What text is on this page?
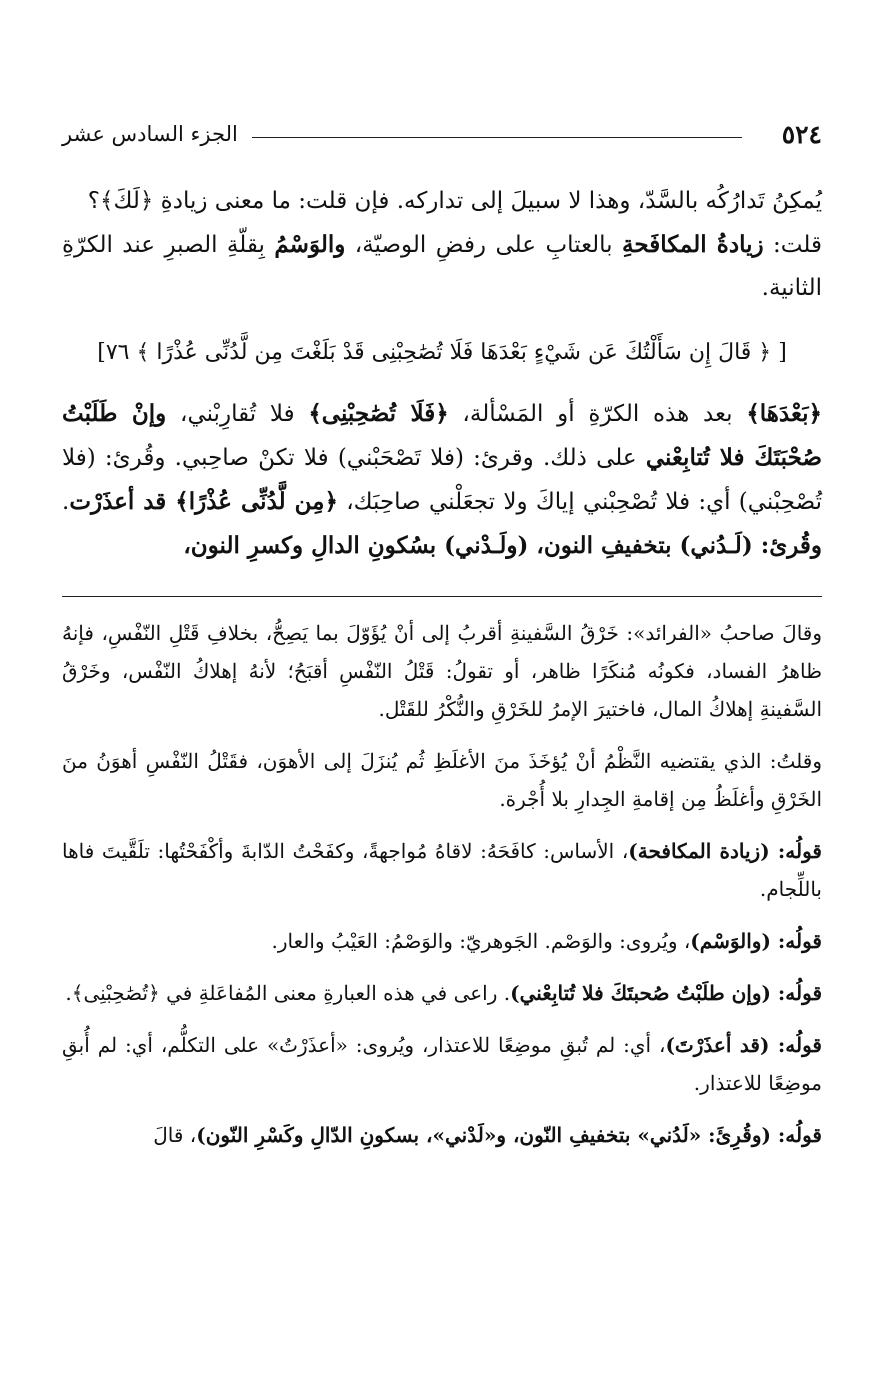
٥٢٤
الجزء السادس عشر

يُمكِنُ تَدارُكُه بالسَّدّ، وهذا لا سبيلَ إلى تداركه. فإن قلت: ما معنى زيادةِ ﴿لَكَ﴾؟

قلت: زيادةُ المكافَحةِ بالعتابِ على رفضِ الوصيّة، والوَسْمُ بِقلّةِ الصبرِ عند الكرّةِ الثانية.

[ ﴿ قَالَ إِن سَأَلْتُكَ عَن شَيْءٍ بَعْدَهَا فَلَا تُصَٰحِبْنِى قَدْ بَلَغْتَ مِن لَّدُنِّى عُذْرًا ﴾ ٧٦]

﴿بَعْدَهَا﴾ بعد هذه الكرّةِ أو المَسْألة، ﴿فَلَا تُصَٰحِبْنِى﴾ فلا تُقارِبْني، وإنْ طَلَبْتُ صُحْبَتَكَ فلا تُتابِعْني على ذلك. وقرئ: (فلا تَصْحَبْني) فلا تكنْ صاحِبي. وقُرئ: (فلا تُصْحِبْني) أي: فلا تُصْحِبْني إياكَ ولا تجعَلْني صاحِبَك، ﴿مِن لَّدُنِّى عُذْرًا﴾ قد أعذَرْت. وقُرئ: (لَـدُني) بتخفيفِ النون، (ولَـدْني) بسُكونِ الدالِ وكسرِ النون،

وقالَ صاحبُ «الفرائد»: خَرْقُ السَّفينةِ أقربُ إلى أنْ يُؤَوّلَ بما يَصِحُّ، بخلافِ قَتْلِ النّفْسِ، فإنهُ ظاهرُ الفساد، فكونُه مُنكَرًا ظاهر، أو تقولُ: قَتْلُ النّفْسِ أقبَحُ؛ لأنهُ إهلاكُ النّفْس، وخَرْقُ السَّفينةِ إهلاكُ المال، فاختيرَ الإمرُ للخَرْقِ والنُّكْرُ للقَتْل.

وقلتُ: الذي يقتضيه النَّظْمُ أنْ يُؤخَذَ منَ الأغلَظِ ثُم يُنزَلَ إلى الأهوَن، فقَتْلُ النّفْسِ أهوَنُ منَ الخَرْقِ وأغلَظُ مِن إقامةِ الجِدارِ بلا أُجْرة.

قولُه: (زيادة المكافحة)، الأساس: كافَحَهُ: لاقاهُ مُواجهةً، وكفَحْتُ الدّابةَ وأكْفَحْتُها: تلَقَّيتَ فاها باللِّجام.

قولُه: (والوَسْم)، ويُروى: والوَصْم. الجَوهريّ: والوَصْمُ: العَيْبُ والعار.

قولُه: (وإن طلَبْتُ صُحبتَكَ فلا تُتابِعْني). راعى في هذه العبارةِ معنى المُفاعَلةِ في ﴿تُصَٰحِبْنِى﴾.

قولُه: (قد أعذَرْتَ)، أي: لم تُبقِ موضِعًا للاعتذار، ويُروى: «أعذَرْتُ» على التكلُّم، أي: لم أُبقِ موضِعًا للاعتذار.

قولُه: (وقُرِئَ: «لَدُني» بتخفيفِ النّون، و«لَدْني»، بسكونِ الدّالِ وكَسْرِ النّون)، قالَ
